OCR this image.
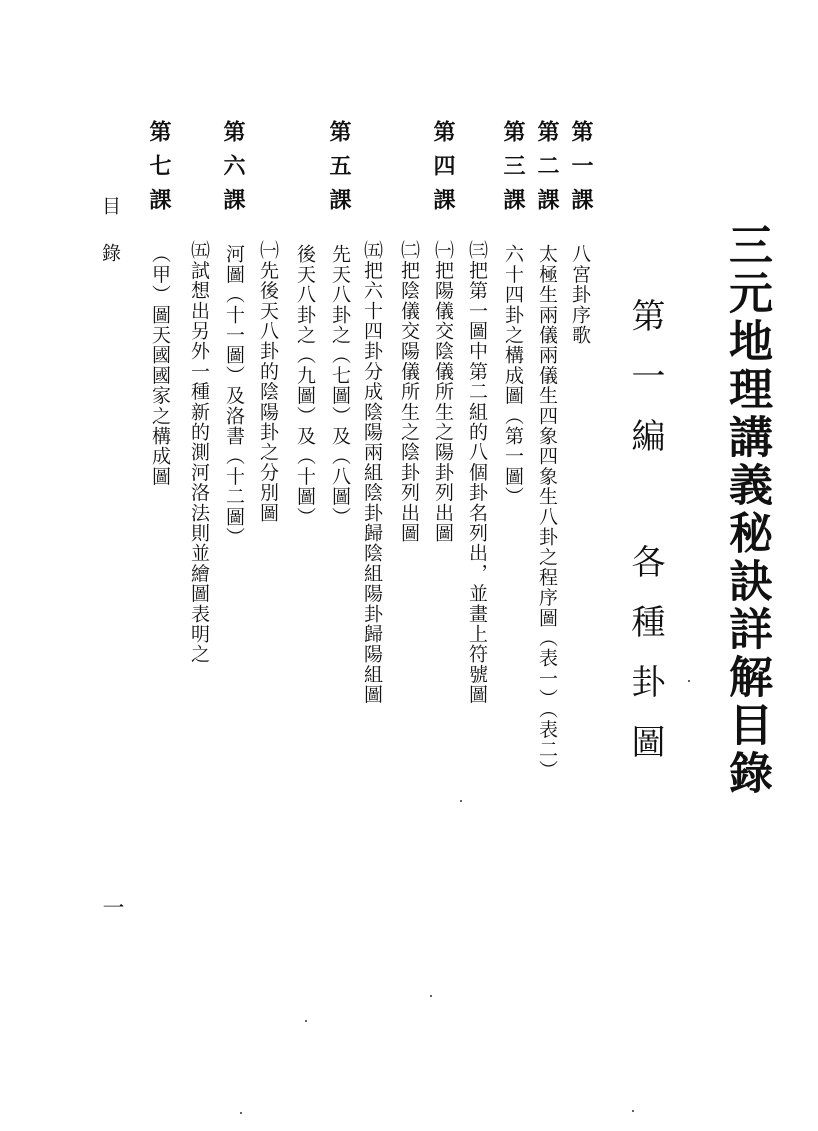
三元地理講義秘訣詳解目錄
第一編 各種卦圖
第一課
八宮卦序歌
第二課
太極生兩儀兩儀生四象四象生八卦之程序圖（表一）（表二）
第三課
六十四卦之構成圖（第一圖）
㈢把第一圖中第二組的八個卦名列出，並畫上符號圖
第四課
㈠把陽儀交陰儀所生之陽卦列出圖
㈡把陰儀交陽儀所生之陰卦列出圖
第五課
㈤把六十四卦分成陰陽兩組陰卦歸陰組陽卦歸陽組圖
先天八卦之（七圖）及（八圖）
後天八卦之（九圖）及（十圖）
第六課
㈠先後天八卦的陰陽卦之分別圖
河圖（十一圖）及洛書（十二圖）
㈤試想出另外一種新的測河洛法則並繪圖表明之
第七課
（甲）圖天國國家之構成圖
目錄
一
